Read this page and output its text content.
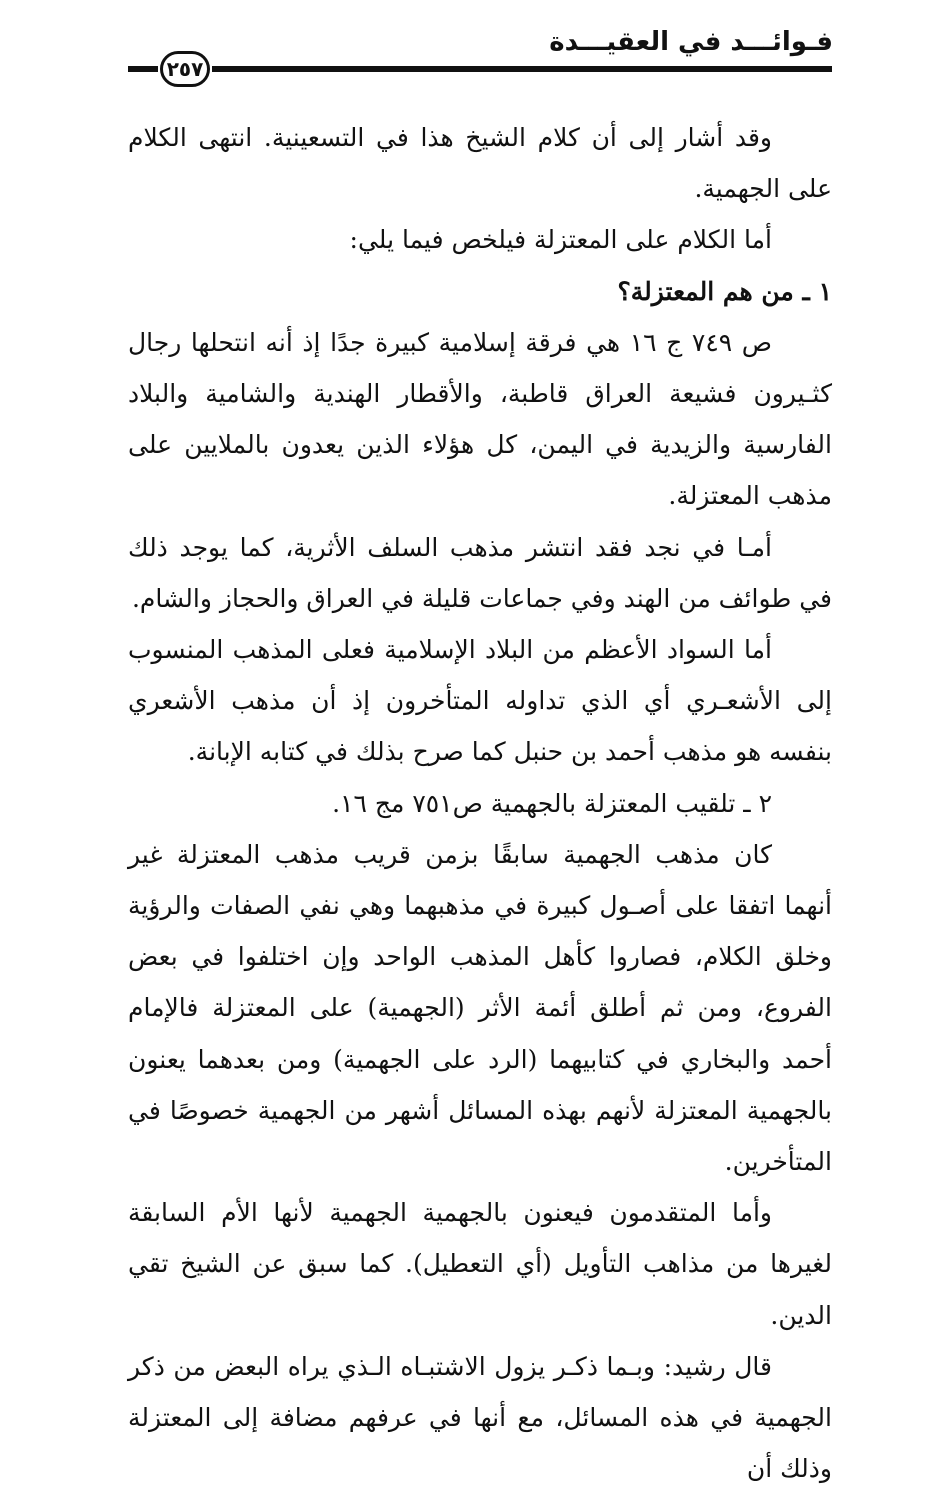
فـوائـــد في العقيـــدة
٢٥٧

وقد أشار إلى أن كلام الشيخ هذا في التسعينية. انتهى الكلام على الجهمية.

أما الكلام على المعتزلة فيلخص فيما يلي:

١ ـ من هم المعتزلة؟

ص ٧٤٩ ج ١٦ هي فرقة إسلامية كبيرة جدًا إذ أنه انتحلها رجال كثـيرون فشيعة العراق قاطبة، والأقطار الهندية والشامية والبلاد الفارسية والزيدية في اليمن، كل هؤلاء الذين يعدون بالملايين على مذهب المعتزلة.

أمـا في نجد فقد انتشر مذهب السلف الأثرية، كما يوجد ذلك في طوائف من الهند وفي جماعات قليلة في العراق والحجاز والشام.

أما السواد الأعظم من البلاد الإسلامية فعلى المذهب المنسوب إلى الأشعـري أي الذي تداوله المتأخرون إذ أن مذهب الأشعري بنفسه هو مذهب أحمد بن حنبل كما صرح بذلك في كتابه الإبانة.

٢ ـ تلقيب المعتزلة بالجهمية ص٧٥١ مج ١٦.

كان مذهب الجهمية سابقًا بزمن قريب مذهب المعتزلة غير أنهما اتفقا على أصـول كبيرة في مذهبهما وهي نفي الصفات والرؤية وخلق الكلام، فصاروا كأهل المذهب الواحد وإن اختلفوا في بعض الفروع، ومن ثم أطلق أئمة الأثر (الجهمية) على المعتزلة فالإمام أحمد والبخاري في كتابيهما (الرد على الجهمية) ومن بعدهما يعنون بالجهمية المعتزلة لأنهم بهذه المسائل أشهر من الجهمية خصوصًا في المتأخرين.

وأما المتقدمون فيعنون بالجهمية الجهمية لأنها الأم السابقة لغيرها من مذاهب التأويل (أي التعطيل). كما سبق عن الشيخ تقي الدين.

قال رشيد: وبـما ذكـر يزول الاشتبـاه الـذي يراه البعض من ذكر الجهمية في هذه المسائل، مع أنها في عرفهم مضافة إلى المعتزلة وذلك أن
